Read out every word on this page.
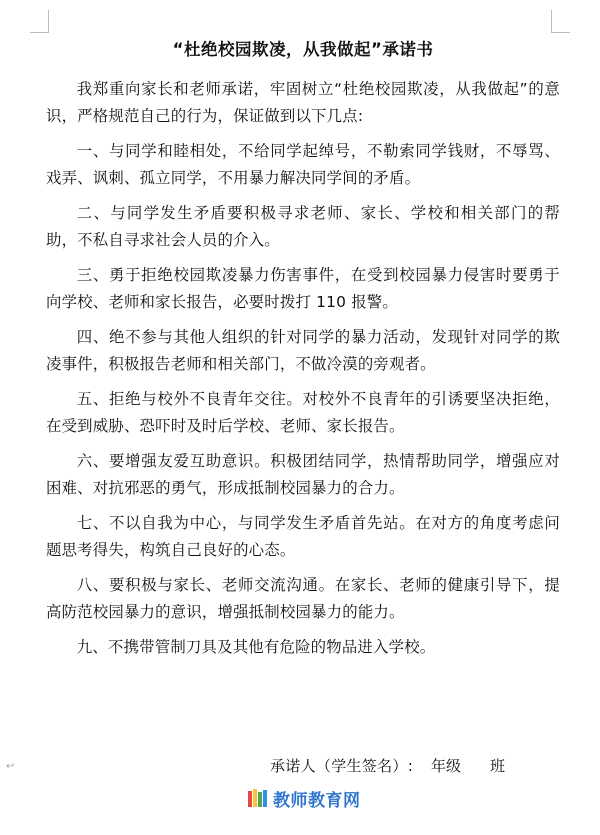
↩
“杜绝校园欺凌，从我做起”承诺书
我郑重向家长和老师承诺，牢固树立“杜绝校园欺凌，从我做起”的意识，严格规范自己的行为，保证做到以下几点:
一、与同学和睦相处，不给同学起绰号，不勒索同学钱财，不辱骂、戏弄、讽刺、孤立同学，不用暴力解决同学间的矛盾。
二、与同学发生矛盾要积极寻求老师、家长、学校和相关部门的帮助，不私自寻求社会人员的介入。
三、勇于拒绝校园欺凌暴力伤害事件，在受到校园暴力侵害时要勇于向学校、老师和家长报告，必要时拨打 110 报警。
四、绝不参与其他人组织的针对同学的暴力活动，发现针对同学的欺凌事件，积极报告老师和相关部门，不做冷漠的旁观者。
五、拒绝与校外不良青年交往。对校外不良青年的引诱要坚决拒绝，在受到威胁、恐吓时及时后学校、老师、家长报告。
六、要增强友爱互助意识。积极团结同学，热情帮助同学，增强应对困难、对抗邪恶的勇气，形成抵制校园暴力的合力。
七、不以自我为中心，与同学发生矛盾首先站。在对方的角度考虑问题思考得失，构筑自己良好的心态。
八、要积极与家长、老师交流沟通。在家长、老师的健康引导下，提高防范校园暴力的意识，增强抵制校园暴力的能力。
九、不携带管制刀具及其他有危险的物品进入学校。
承诺人（学生签名）: 年级 班
教师教育网
